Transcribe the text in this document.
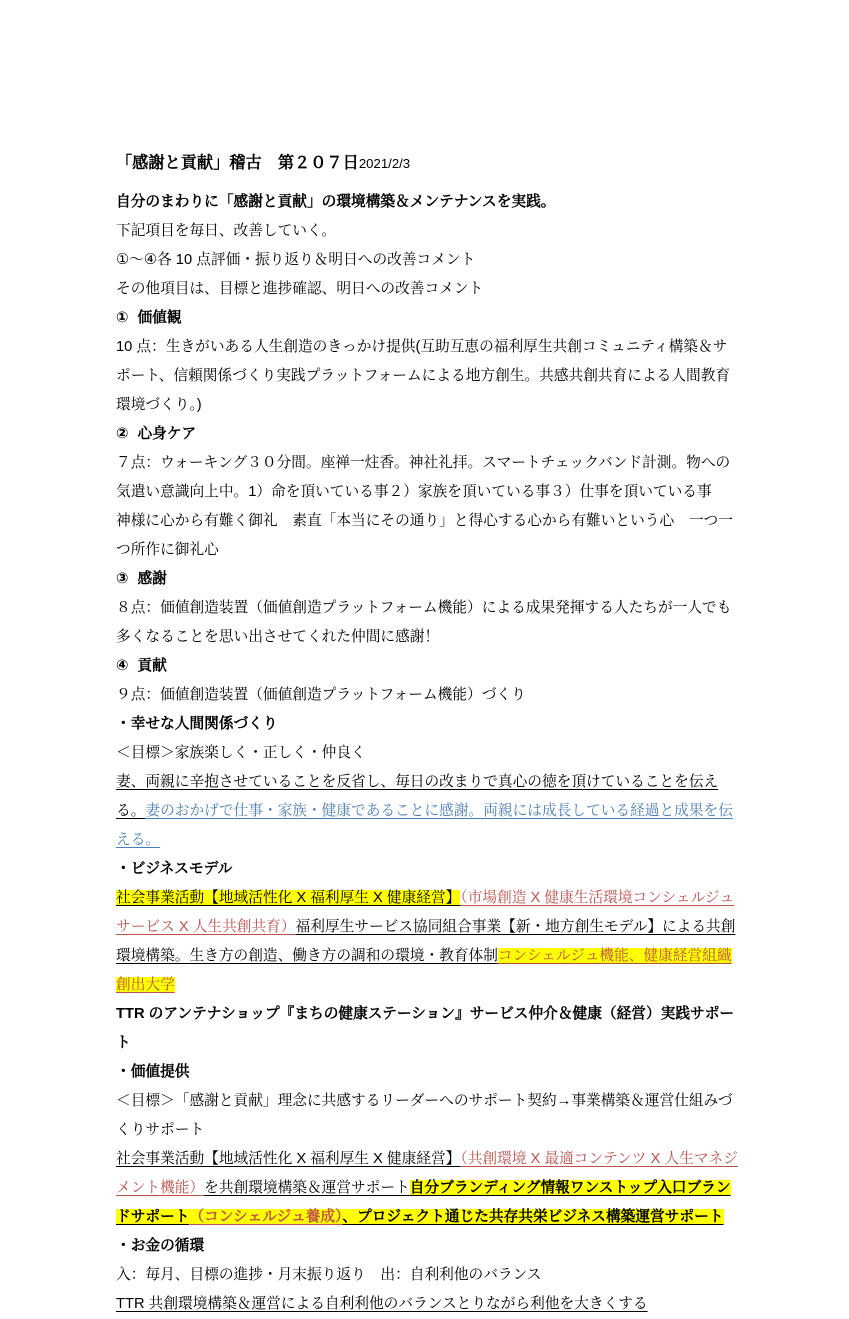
「感謝と貢献」稽古　第２０７日2021/2/3
自分のまわりに「感謝と貢献」の環境構築＆メンテナンスを実践。
下記項目を毎日、改善していく。
①～④各 10 点評価・振り返り＆明日への改善コメント
その他項目は、目標と進捗確認、明日への改善コメント
① 価値観
10 点：生きがいある人生創造のきっかけ提供(互助互恵の福利厚生共創コミュニティ構築＆サポート、信頼関係づくり実践プラットフォームによる地方創生。共感共創共育による人間教育環境づくり。)
② 心身ケア
７点：ウォーキング３０分間。座禅一炷香。神社礼拝。スマートチェックバンド計測。物への気遣い意識向上中。1）命を頂いている事２）家族を頂いている事３）仕事を頂いている事　神様に心から有難く御礼　素直「本当にその通り」と得心する心から有難いという心　一つ一つ所作に御礼心
③ 感謝
８点：価値創造装置（価値創造プラットフォーム機能）による成果発揮する人たちが一人でも多くなることを思い出させてくれた仲間に感謝！
④ 貢献
９点：価値創造装置（価値創造プラットフォーム機能）づくり
・幸せな人間関係づくり
＜目標＞家族楽しく・正しく・仲良く
妻、両親に辛抱させていることを反省し、毎日の改まりで真心の徳を頂けていることを伝える。妻のおかげで仕事・家族・健康であることに感謝。両親には成長している経過と成果を伝える。
・ビジネスモデル
社会事業活動【地域活性化 X 福利厚生 X 健康経営】（市場創造 X 健康生活環境コンシェルジュサービス X 人生共創共育）福利厚生サービス協同組合事業【新・地方創生モデル】による共創環境構築。生き方の創造、働き方の調和の環境・教育体制コンシェルジュ機能、健康経営組織創出大学
TTR のアンテナショップ『まちの健康ステーション』サービス仲介＆健康（経営）実践サポート
・価値提供
＜目標＞「感謝と貢献」理念に共感するリーダーへのサポート契約→事業構築＆運営仕組みづくりサポート
社会事業活動【地域活性化 X 福利厚生 X 健康経営】（共創環境 X 最適コンテンツ X 人生マネジメント機能）を共創環境構築＆運営サポート自分ブランディング情報ワンストップ入口ブランドサポート（コンシェルジュ養成）、プロジェクト通じた共存共栄ビジネス構築運営サポート
・お金の循環
入：毎月、目標の進捗・月末振り返り　出：自利利他のバランス
TTR 共創環境構築＆運営による自利利他のバランスとりながら利他を大きくする
